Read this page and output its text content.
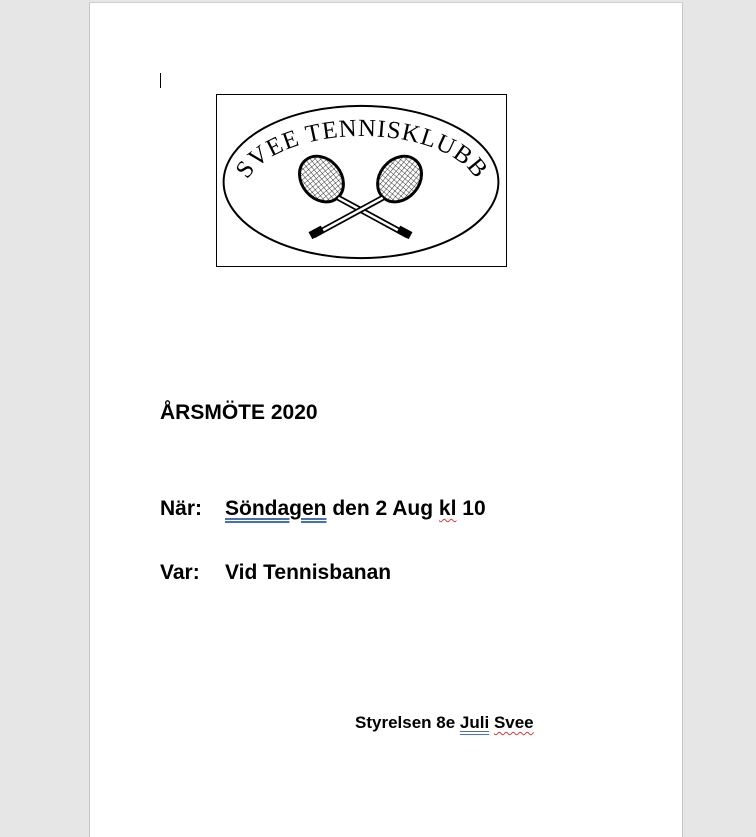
SVEE TENNISKLUBB
ÅRSMÖTE 2020
När: Söndagen den 2 Aug kl 10
Var: Vid Tennisbanan
Styrelsen 8e Juli Svee
